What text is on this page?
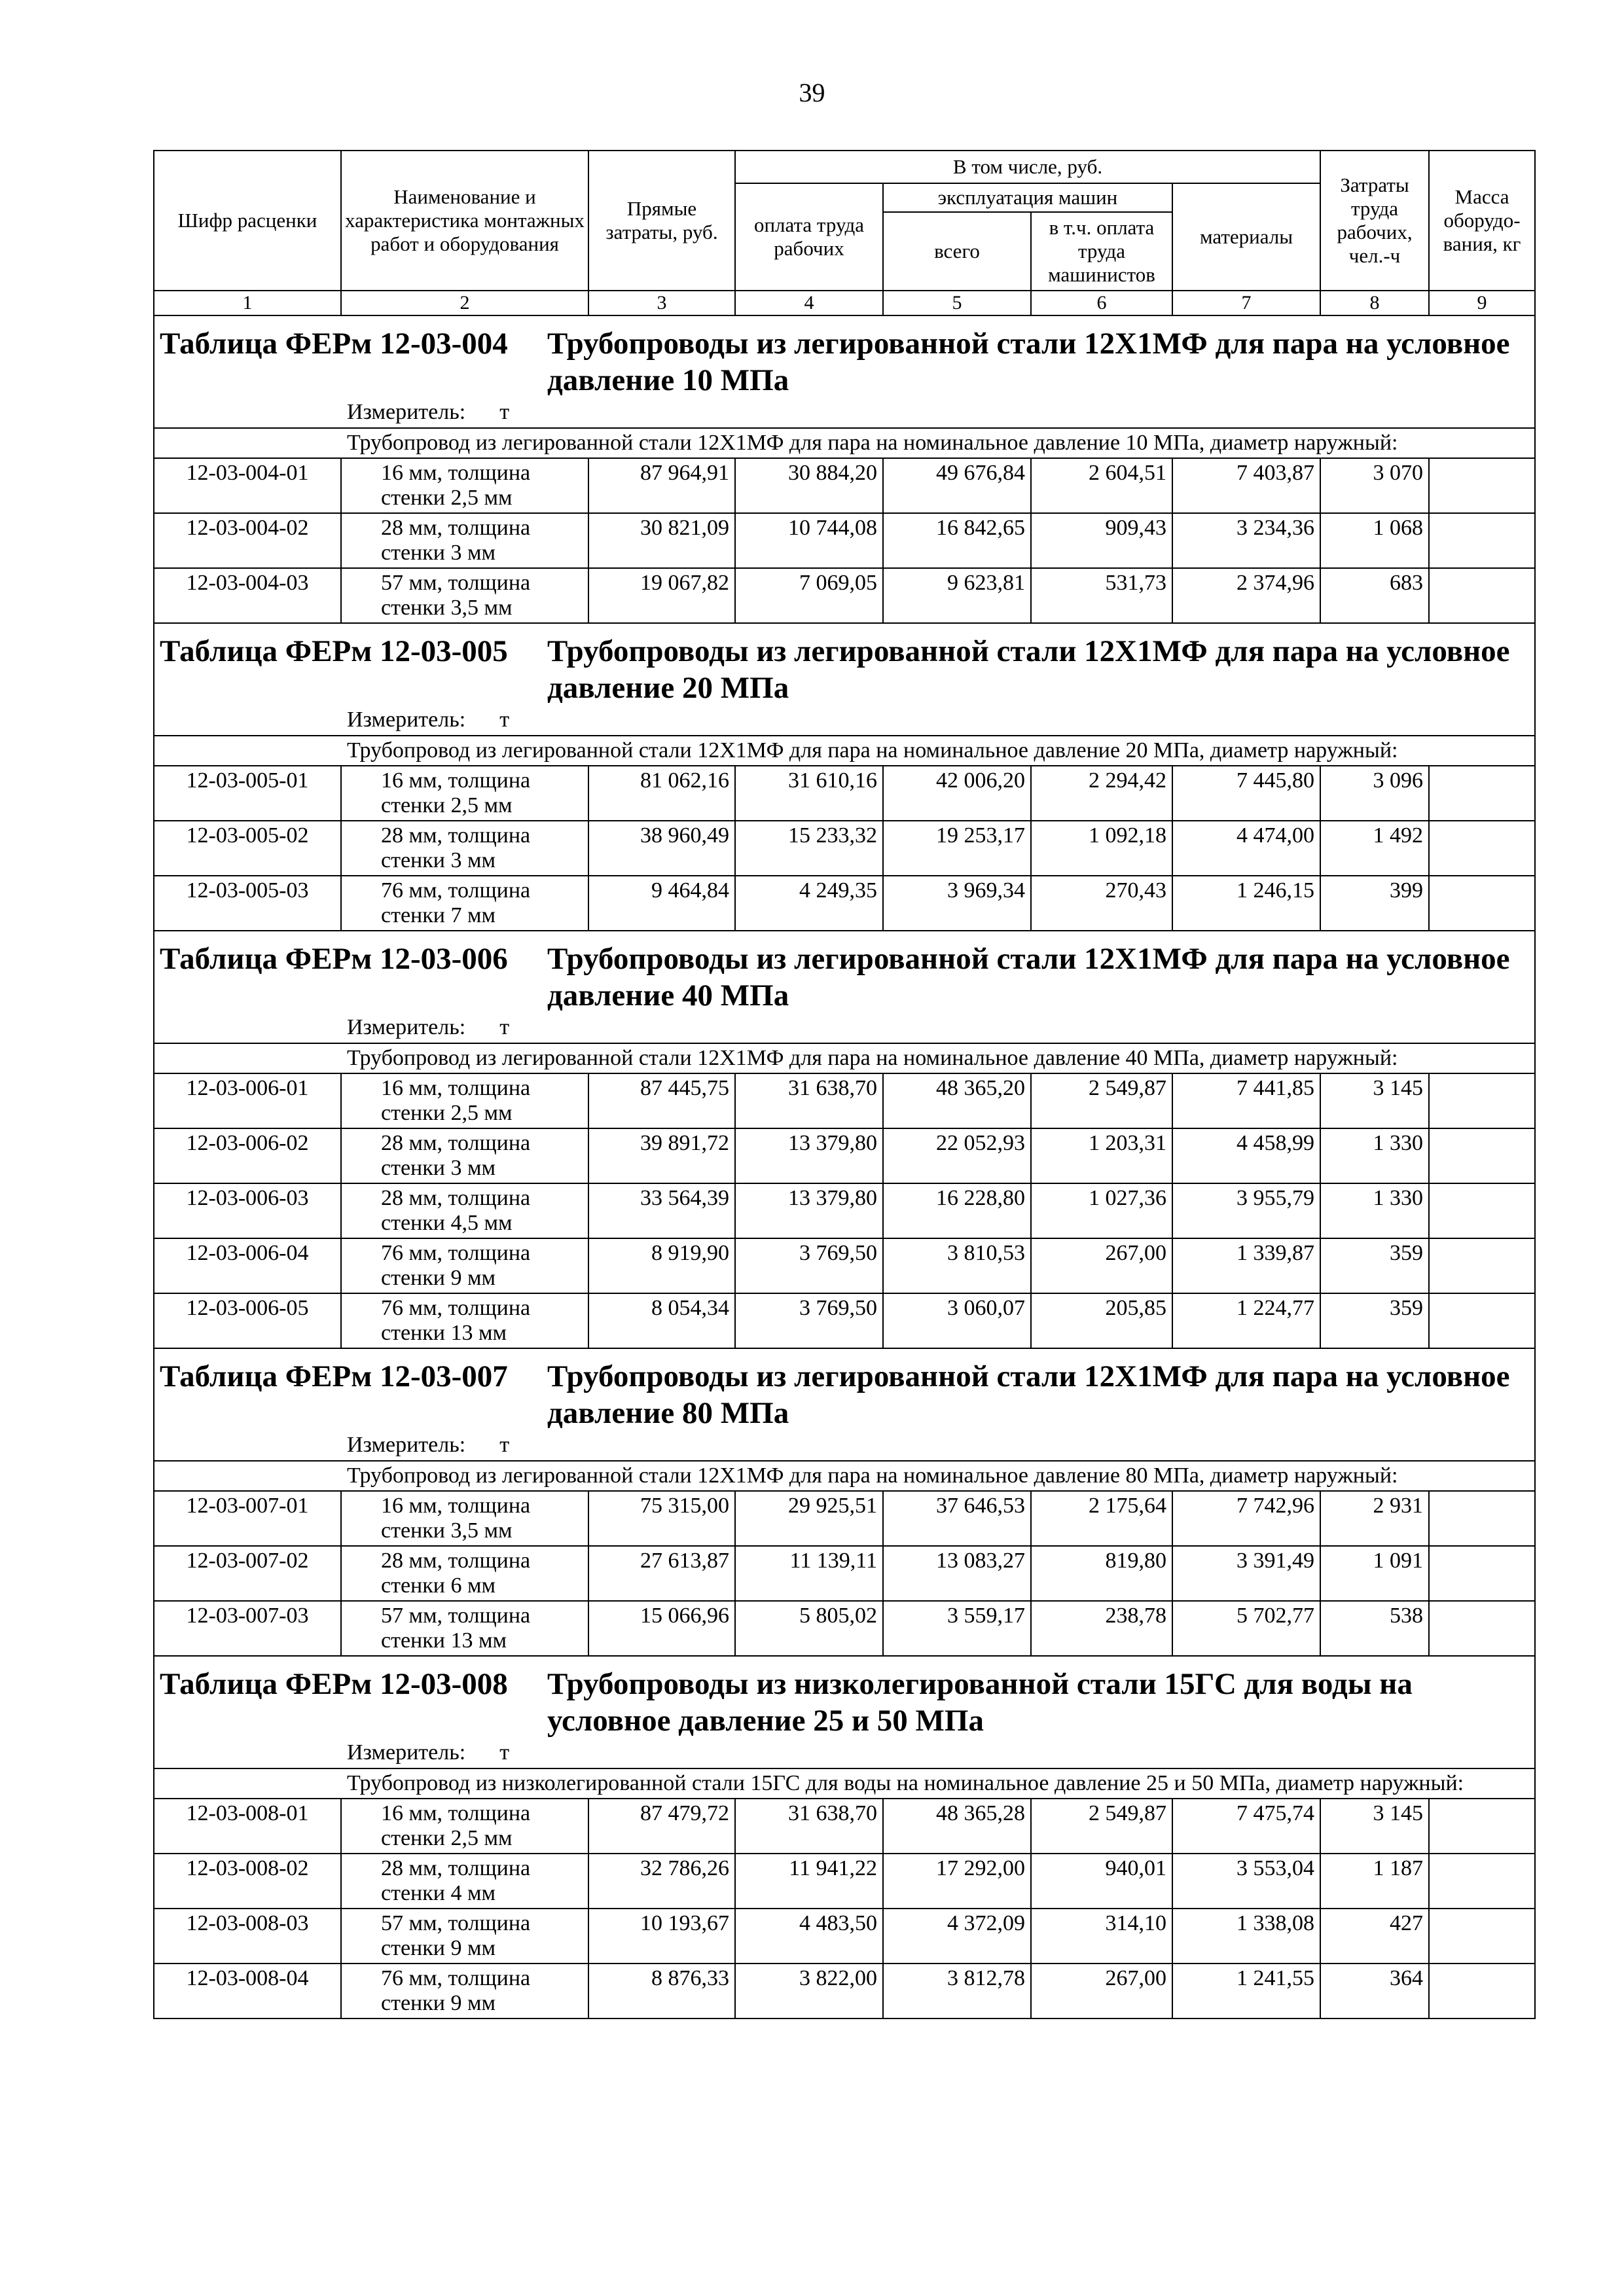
39
Шифр расценки	Наименование и характеристика монтажных работ и оборудования	Прямые затраты, руб.	В том числе, руб.				Затраты труда рабочих, чел.-ч	Масса оборудо-вания, кг
			оплата труда рабочих	эксплуатация машин		материалы		
				всего	в т.ч. оплата труда машинистов			
1	2	3	4	5	6	7	8	9

Таблица ФЕРм 12-03-004 Трубопроводы из легированной стали 12Х1МФ для пара на условное давление 10 МПа								

Измеритель: т								

Трубопровод из легированной стали 12Х1МФ для пара на номинальное давление 10 МПа, диаметр наружный:								

12-03-004-01	16 мм, толщина
стенки 2,5 мм	87 964,91	30 884,20	49 676,84	2 604,51	7 403,87	3 070	
12-03-004-02	28 мм, толщина
стенки 3 мм	30 821,09	10 744,08	16 842,65	909,43	3 234,36	1 068	
12-03-004-03	57 мм, толщина
стенки 3,5 мм	19 067,82	7 069,05	9 623,81	531,73	2 374,96	683	

Таблица ФЕРм 12-03-005 Трубопроводы из легированной стали 12Х1МФ для пара на условное давление 20 МПа								

Измеритель: т								

Трубопровод из легированной стали 12Х1МФ для пара на номинальное давление 20 МПа, диаметр наружный:								

12-03-005-01	16 мм, толщина
стенки 2,5 мм	81 062,16	31 610,16	42 006,20	2 294,42	7 445,80	3 096	
12-03-005-02	28 мм, толщина
стенки 3 мм	38 960,49	15 233,32	19 253,17	1 092,18	4 474,00	1 492	
12-03-005-03	76 мм, толщина
стенки 7 мм	9 464,84	4 249,35	3 969,34	270,43	1 246,15	399	

Таблица ФЕРм 12-03-006 Трубопроводы из легированной стали 12Х1МФ для пара на условное давление 40 МПа								

Измеритель: т								

Трубопровод из легированной стали 12Х1МФ для пара на номинальное давление 40 МПа, диаметр наружный:								

12-03-006-01	16 мм, толщина
стенки 2,5 мм	87 445,75	31 638,70	48 365,20	2 549,87	7 441,85	3 145	
12-03-006-02	28 мм, толщина
стенки 3 мм	39 891,72	13 379,80	22 052,93	1 203,31	4 458,99	1 330	
12-03-006-03	28 мм, толщина
стенки 4,5 мм	33 564,39	13 379,80	16 228,80	1 027,36	3 955,79	1 330	
12-03-006-04	76 мм, толщина
стенки 9 мм	8 919,90	3 769,50	3 810,53	267,00	1 339,87	359	
12-03-006-05	76 мм, толщина
стенки 13 мм	8 054,34	3 769,50	3 060,07	205,85	1 224,77	359	

Таблица ФЕРм 12-03-007 Трубопроводы из легированной стали 12Х1МФ для пара на условное давление 80 МПа								

Измеритель: т								

Трубопровод из легированной стали 12Х1МФ для пара на номинальное давление 80 МПа, диаметр наружный:								

12-03-007-01	16 мм, толщина
стенки 3,5 мм	75 315,00	29 925,51	37 646,53	2 175,64	7 742,96	2 931	
12-03-007-02	28 мм, толщина
стенки 6 мм	27 613,87	11 139,11	13 083,27	819,80	3 391,49	1 091	
12-03-007-03	57 мм, толщина
стенки 13 мм	15 066,96	5 805,02	3 559,17	238,78	5 702,77	538	

Таблица ФЕРм 12-03-008 Трубопроводы из низколегированной стали 15ГС для воды на условное давление 25 и 50 МПа								

Измеритель: т								

Трубопровод из низколегированной стали 15ГС для воды на номинальное давление 25 и 50 МПа, диаметр наружный:								

12-03-008-01	16 мм, толщина
стенки 2,5 мм	87 479,72	31 638,70	48 365,28	2 549,87	7 475,74	3 145	
12-03-008-02	28 мм, толщина
стенки 4 мм	32 786,26	11 941,22	17 292,00	940,01	3 553,04	1 187	
12-03-008-03	57 мм, толщина
стенки 9 мм	10 193,67	4 483,50	4 372,09	314,10	1 338,08	427	
12-03-008-04	76 мм, толщина
стенки 9 мм	8 876,33	3 822,00	3 812,78	267,00	1 241,55	364	
